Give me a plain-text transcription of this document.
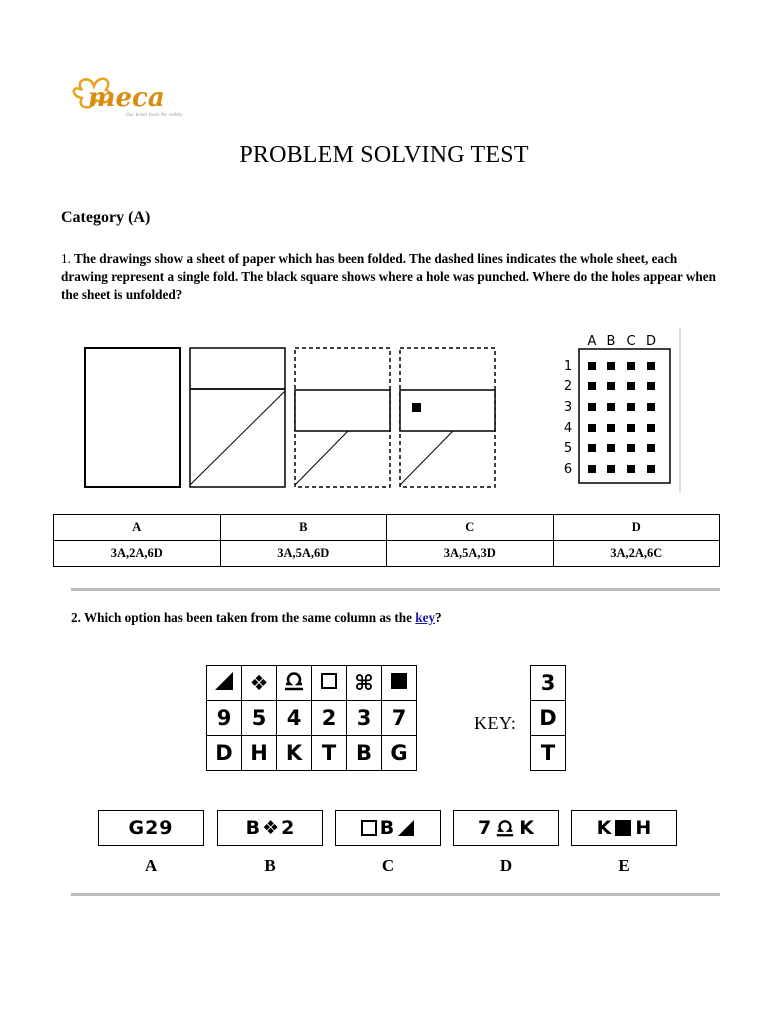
meca
Our brain tools for safety
PROBLEM SOLVING TEST
Category (A)
1. The drawings show a sheet of paper which has been folded. The dashed lines indicates the whole sheet, each drawing represent a single fold. The black square shows where a hole was punched. Where do the holes appear when the sheet is unfolded?
A B C D
1
2
3
4
5
6
A	B	C	D
3A,2A,6D	3A,5A,6D	3A,5A,3D	3A,2A,6C
2. Which option has been taken from the same column as the key?
	❖			⌘	
9	5	4	2	3	7
D	H	K	T	B	G
KEY:
3
D
T
G29
A
B ❖ 2
B
B
C
7 K
D
K H
E
